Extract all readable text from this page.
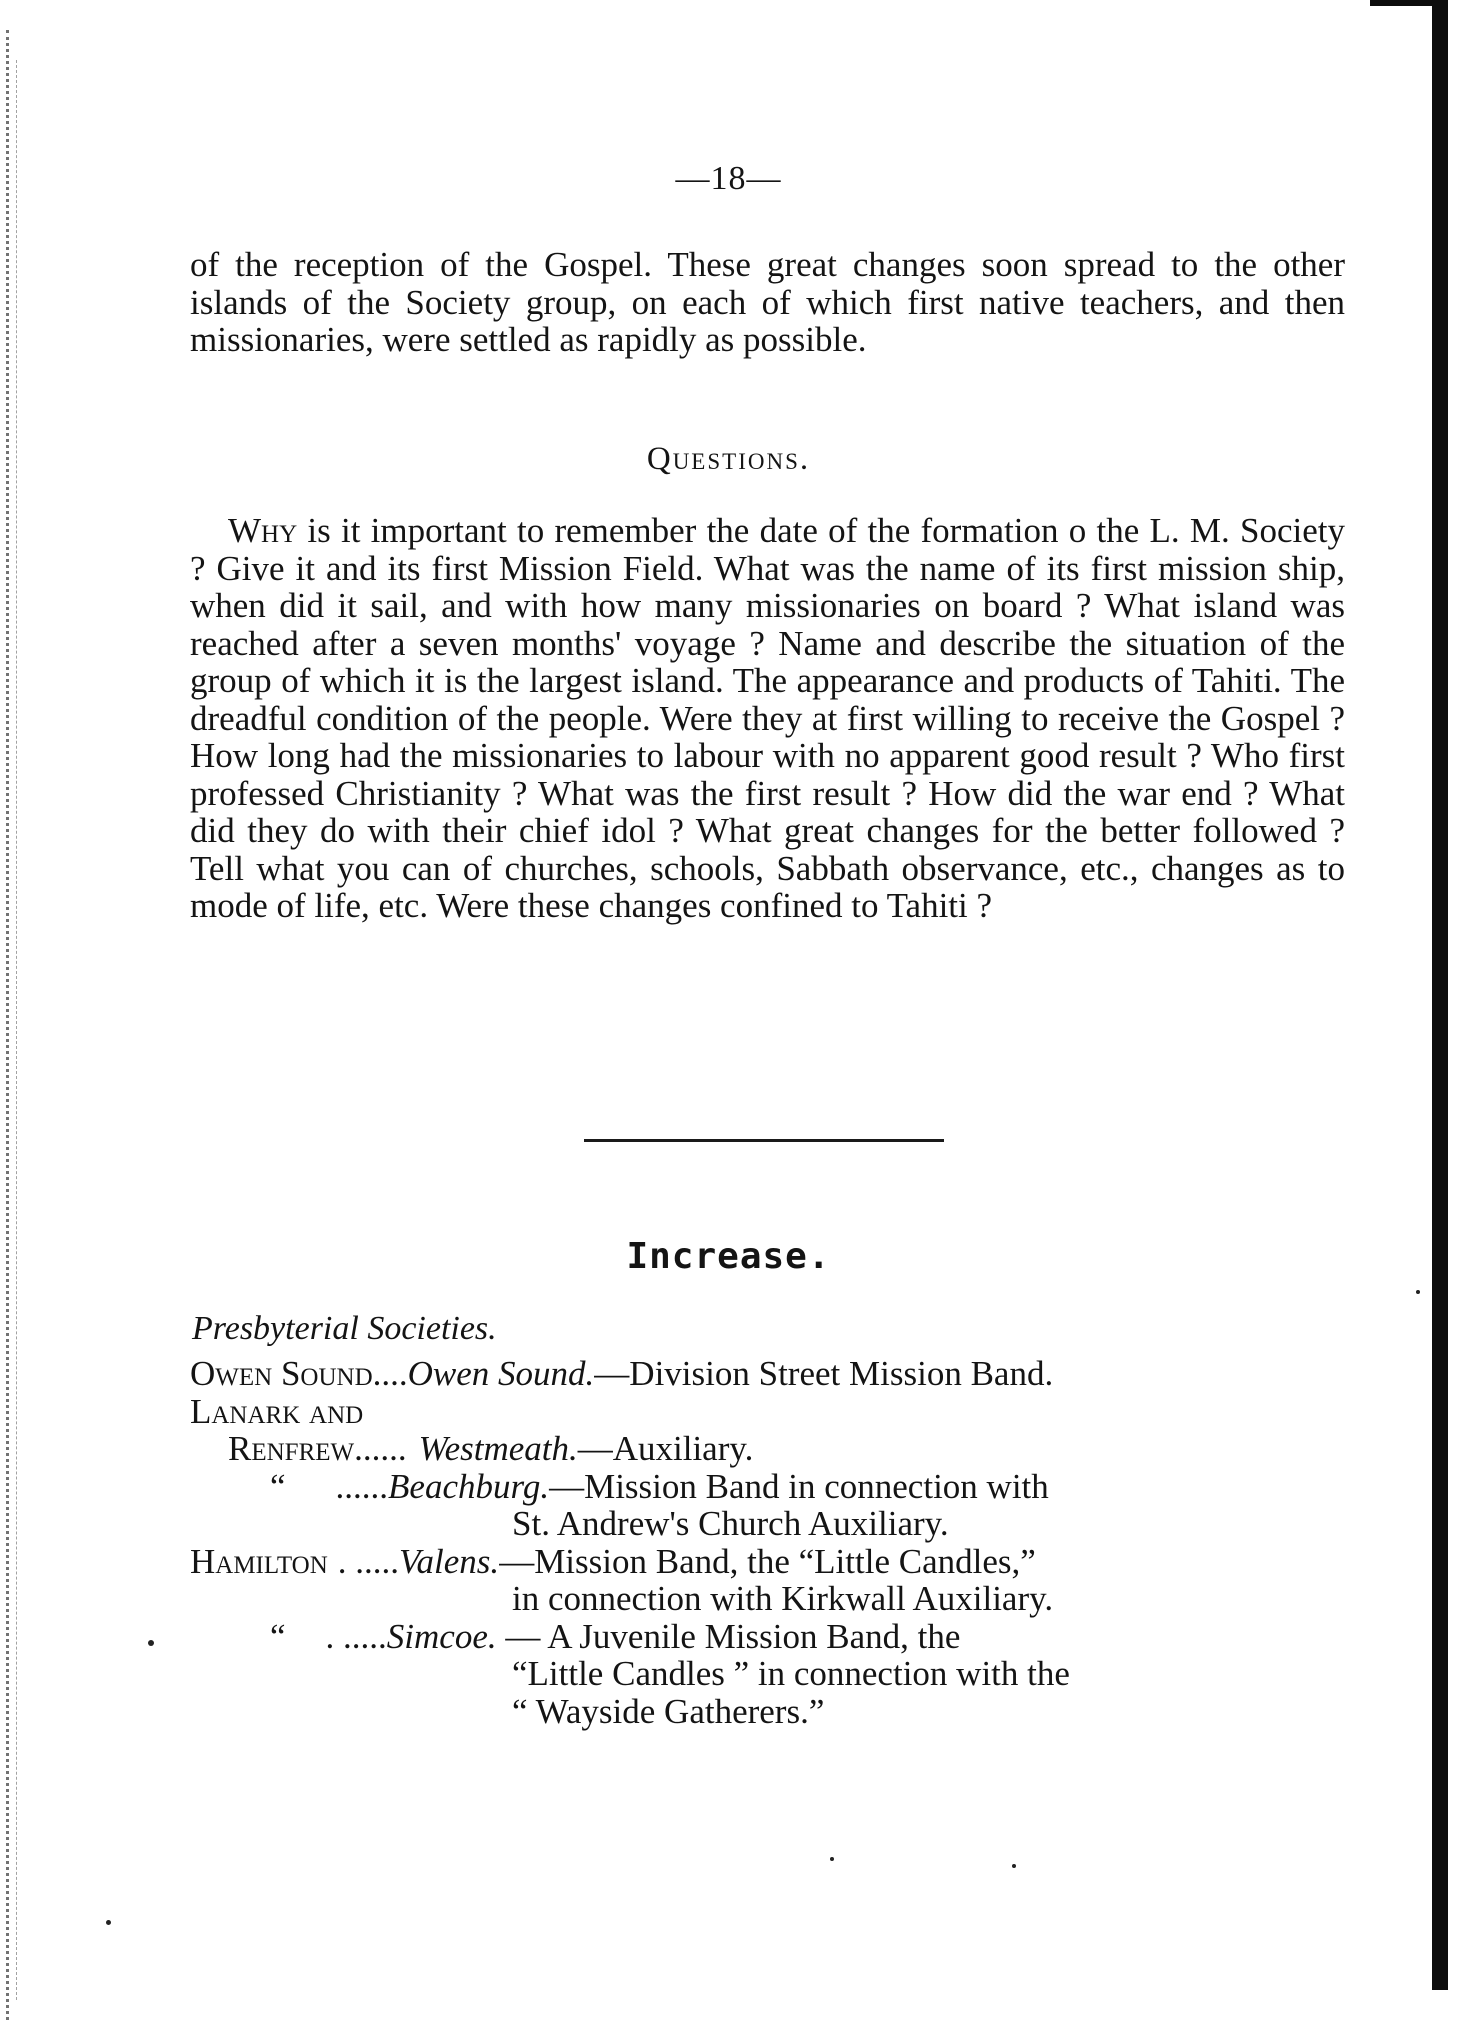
—18—
of the reception of the Gospel. These great changes soon spread to the other islands of the Society group, on each of which first native teachers, and then missionaries, were settled as rapidly as possible.
Questions.
Why is it important to remember the date of the formation o the L. M. Society ? Give it and its first Mission Field. What was the name of its first mission ship, when did it sail, and with how many missionaries on board ? What island was reached after a seven months' voyage ? Name and describe the situation of the group of which it is the largest island. The appearance and products of Tahiti. The dreadful condition of the people. Were they at first willing to receive the Gospel ? How long had the missionaries to labour with no apparent good result ? Who first professed Christianity ? What was the first result ? How did the war end ? What did they do with their chief idol ? What great changes for the better followed ? Tell what you can of churches, schools, Sabbath observance, etc., changes as to mode of life, etc. Were these changes confined to Tahiti ?
Increase.
Presbyterial Societies.
Owen Sound.... Owen Sound.—Division Street Mission Band.
Lanark and
Renfrew...... Westmeath.—Auxiliary.
“ ...... Beachburg.—Mission Band in connection with
St. Andrew's Church Auxiliary.
Hamilton . ..... Valens.—Mission Band, the “Little Candles,”
in connection with Kirkwall Auxiliary.
“ . ..... Simcoe. — A Juvenile Mission Band, the
“Little Candles ” in connection with the
“ Wayside Gatherers.”
